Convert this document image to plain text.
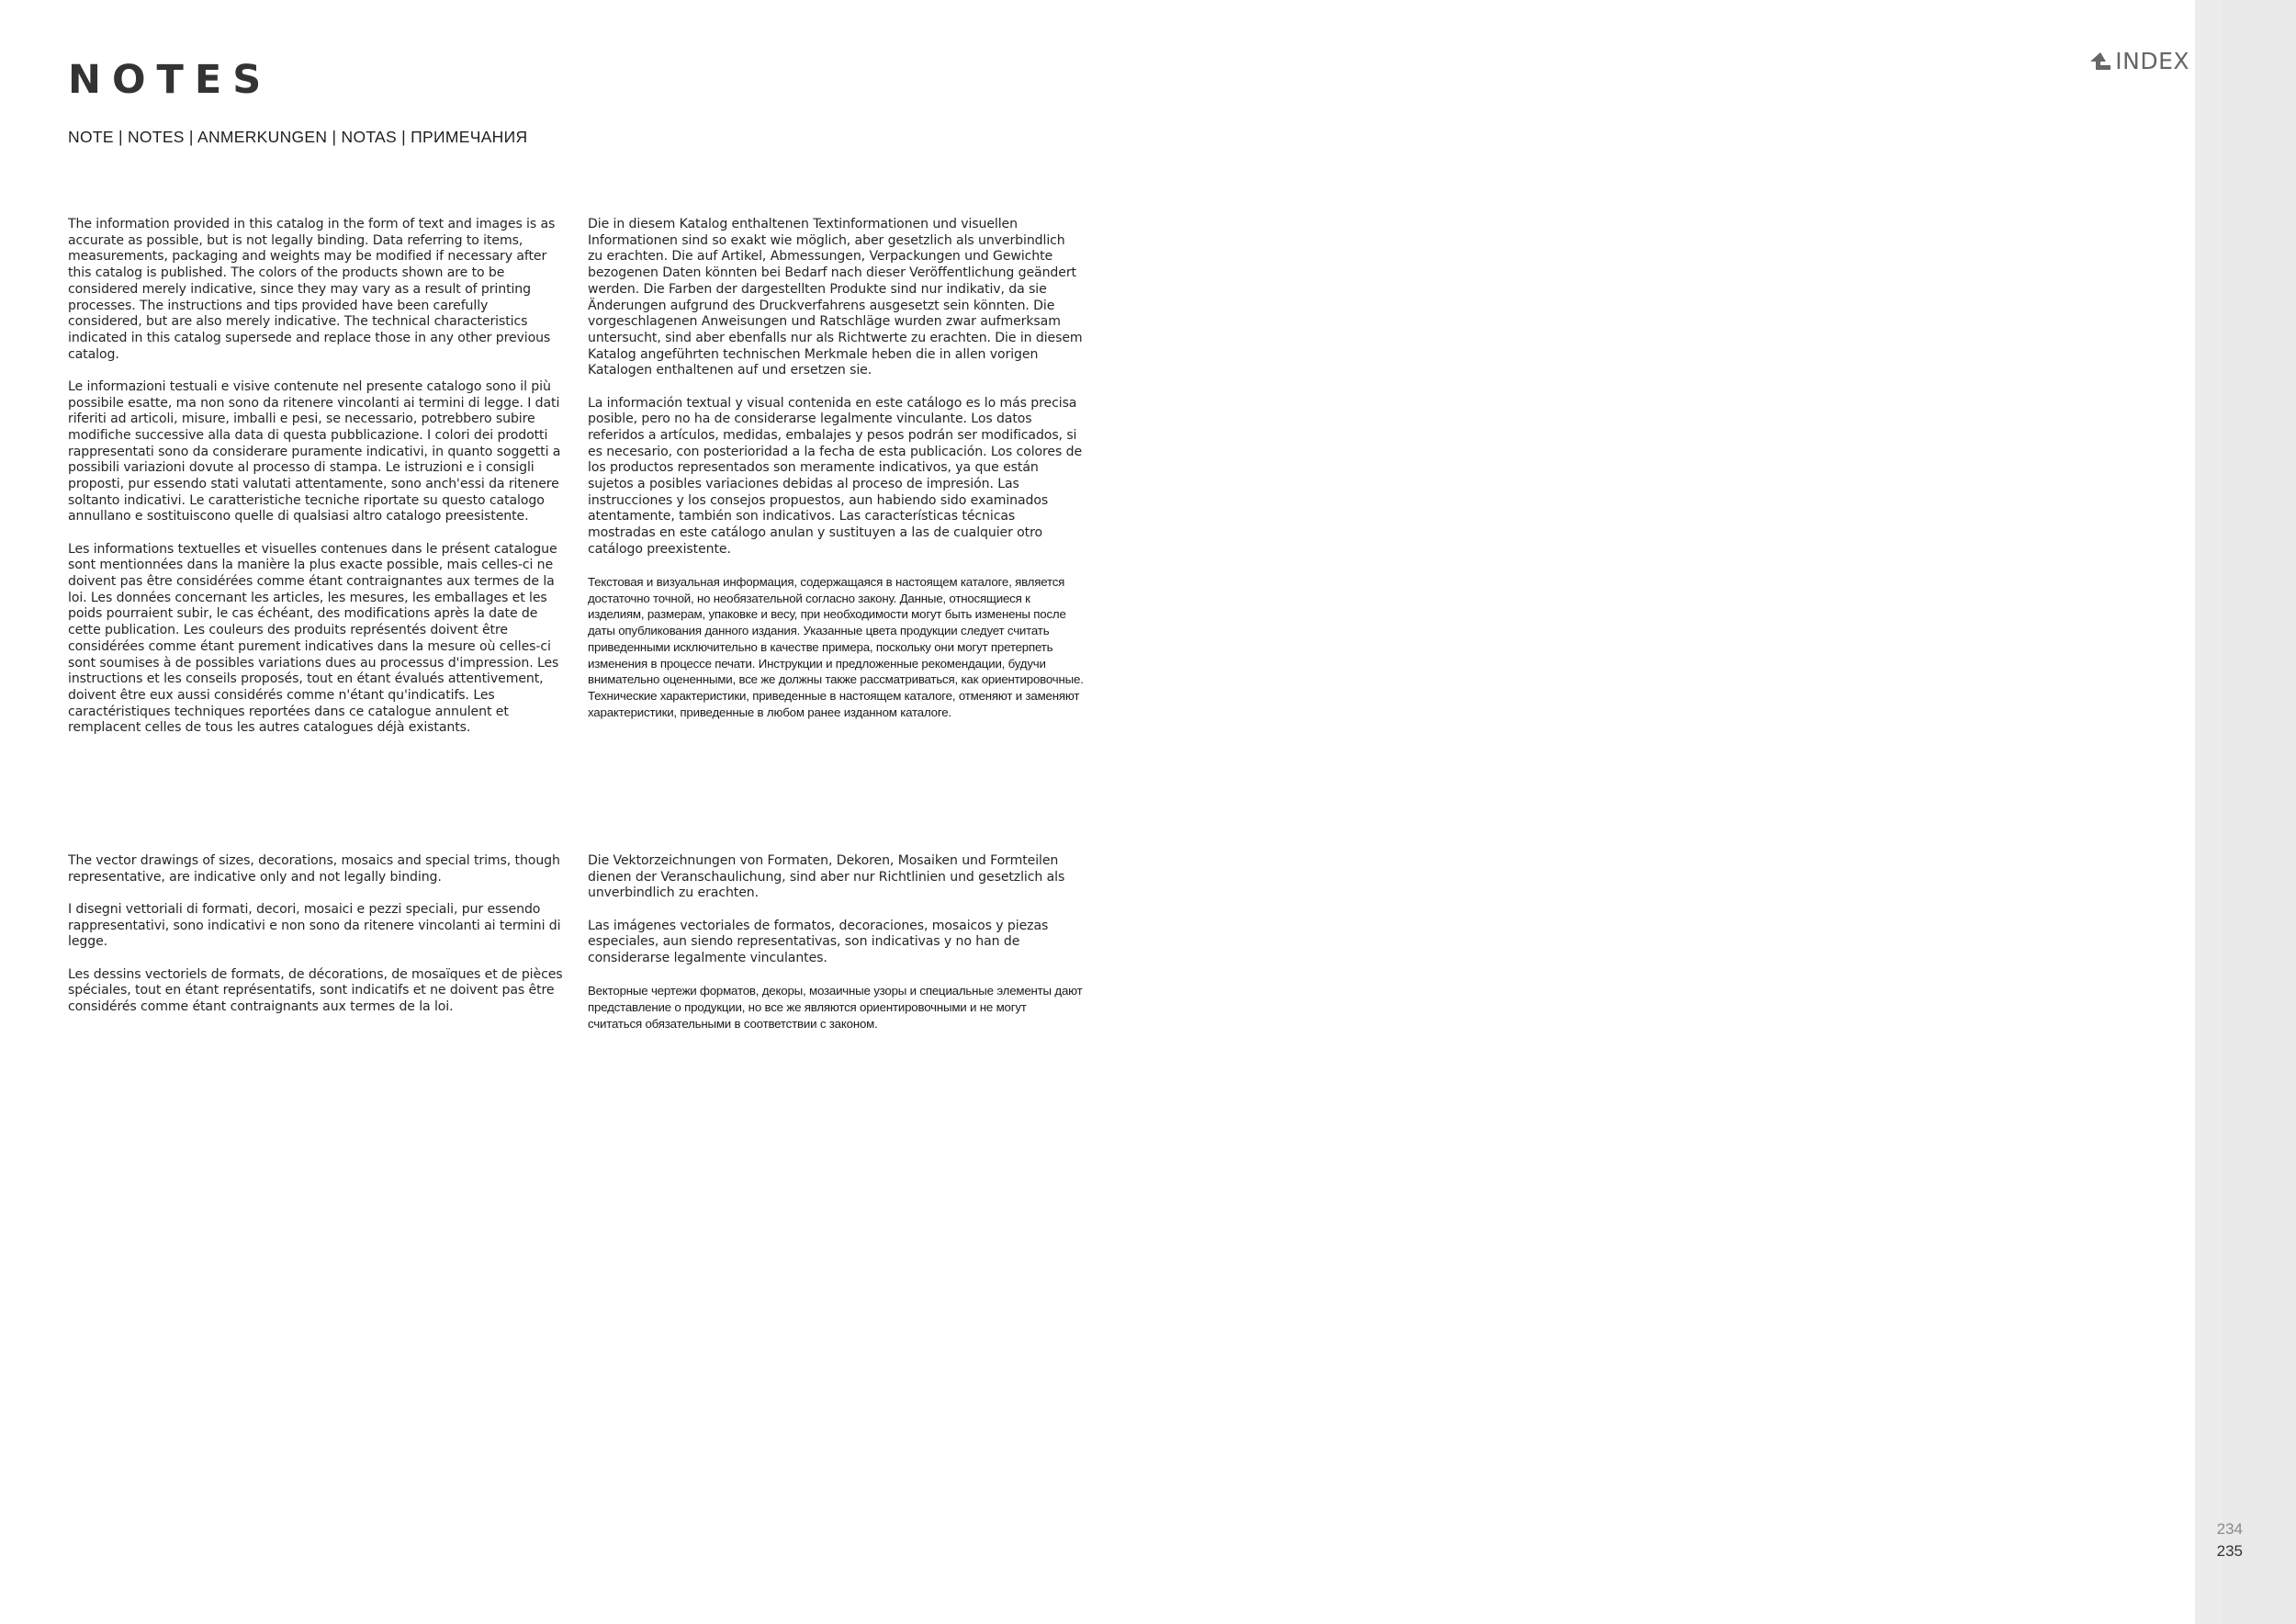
NOTES
NOTE | NOTES | ANMERKUNGEN | NOTAS | ПРИМЕЧАНИЯ
INDEX

The information provided in this catalog in the form of text and images is as accurate as possible, but is not legally binding. Data referring to items, measurements, packaging and weights may be modified if necessary after this catalog is published. The colors of the products shown are to be considered merely indicative, since they may vary as a result of printing processes. The instructions and tips provided have been carefully considered, but are also merely indicative. The technical characteristics indicated in this catalog supersede and replace those in any other previous catalog.

Le informazioni testuali e visive contenute nel presente catalogo sono il più possibile esatte, ma non sono da ritenere vincolanti ai termini di legge. I dati riferiti ad articoli, misure, imballi e pesi, se necessario, potrebbero subire modifiche successive alla data di questa pubblicazione. I colori dei prodotti rappresentati sono da considerare puramente indicativi, in quanto soggetti a possibili variazioni dovute al processo di stampa. Le istruzioni e i consigli proposti, pur essendo stati valutati attentamente, sono anch'essi da ritenere soltanto indicativi. Le caratteristiche tecniche riportate su questo catalogo annullano e sostituiscono quelle di qualsiasi altro catalogo preesistente.

Les informations textuelles et visuelles contenues dans le présent catalogue sont mentionnées dans la manière la plus exacte possible, mais celles-ci ne doivent pas être considérées comme étant contraignantes aux termes de la loi. Les données concernant les articles, les mesures, les emballages et les poids pourraient subir, le cas échéant, des modifications après la date de cette publication. Les couleurs des produits représentés doivent être considérées comme étant purement indicatives dans la mesure où celles-ci sont soumises à de possibles variations dues au processus d'impression. Les instructions et les conseils proposés, tout en étant évalués attentivement, doivent être eux aussi considérés comme n'étant qu'indicatifs. Les caractéristiques techniques reportées dans ce catalogue annulent et remplacent celles de tous les autres catalogues déjà existants.

Die in diesem Katalog enthaltenen Textinformationen und visuellen Informationen sind so exakt wie möglich, aber gesetzlich als unverbindlich zu erachten. Die auf Artikel, Abmessungen, Verpackungen und Gewichte bezogenen Daten könnten bei Bedarf nach dieser Veröffentlichung geändert werden. Die Farben der dargestellten Produkte sind nur indikativ, da sie Änderungen aufgrund des Druckverfahrens ausgesetzt sein könnten. Die vorgeschlagenen Anweisungen und Ratschläge wurden zwar aufmerksam untersucht, sind aber ebenfalls nur als Richtwerte zu erachten. Die in diesem Katalog angeführten technischen Merkmale heben die in allen vorigen Katalogen enthaltenen auf und ersetzen sie.

La información textual y visual contenida en este catálogo es lo más precisa posible, pero no ha de considerarse legalmente vinculante. Los datos referidos a artículos, medidas, embalajes y pesos podrán ser modificados, si es necesario, con posterioridad a la fecha de esta publicación. Los colores de los productos representados son meramente indicativos, ya que están sujetos a posibles variaciones debidas al proceso de impresión. Las instrucciones y los consejos propuestos, aun habiendo sido examinados atentamente, también son indicativos. Las características técnicas mostradas en este catálogo anulan y sustituyen a las de cualquier otro catálogo preexistente.

Текстовая и визуальная информация, содержащаяся в настоящем каталоге, является достаточно точной, но необязательной согласно закону. Данные, относящиеся к изделиям, размерам, упаковке и весу, при необходимости могут быть изменены после даты опубликования данного издания. Указанные цвета продукции следует считать приведенными исключительно в качестве примера, поскольку они могут претерпеть изменения в процессе печати. Инструкции и предложенные рекомендации, будучи внимательно оцененными, все же должны также рассматриваться, как ориентировочные. Технические характеристики, приведенные в настоящем каталоге, отменяют и заменяют характеристики, приведенные в любом ранее изданном каталоге.

The vector drawings of sizes, decorations, mosaics and special trims, though representative, are indicative only and not legally binding.

I disegni vettoriali di formati, decori, mosaici e pezzi speciali, pur essendo rappresentativi, sono indicativi e non sono da ritenere vincolanti ai termini di legge.

Les dessins vectoriels de formats, de décorations, de mosaïques et de pièces spéciales, tout en étant représentatifs, sont indicatifs et ne doivent pas être considérés comme étant contraignants aux termes de la loi.

Die Vektorzeichnungen von Formaten, Dekoren, Mosaiken und Formteilen dienen der Veranschaulichung, sind aber nur Richtlinien und gesetzlich als unverbindlich zu erachten.

Las imágenes vectoriales de formatos, decoraciones, mosaicos y piezas especiales, aun siendo representativas, son indicativas y no han de considerarse legalmente vinculantes.

Векторные чертежи форматов, декоры, мозаичные узоры и специальные элементы дают представление о продукции, но все же являются ориентировочными и не могут считаться обязательными в соответствии с законом.

234
235
